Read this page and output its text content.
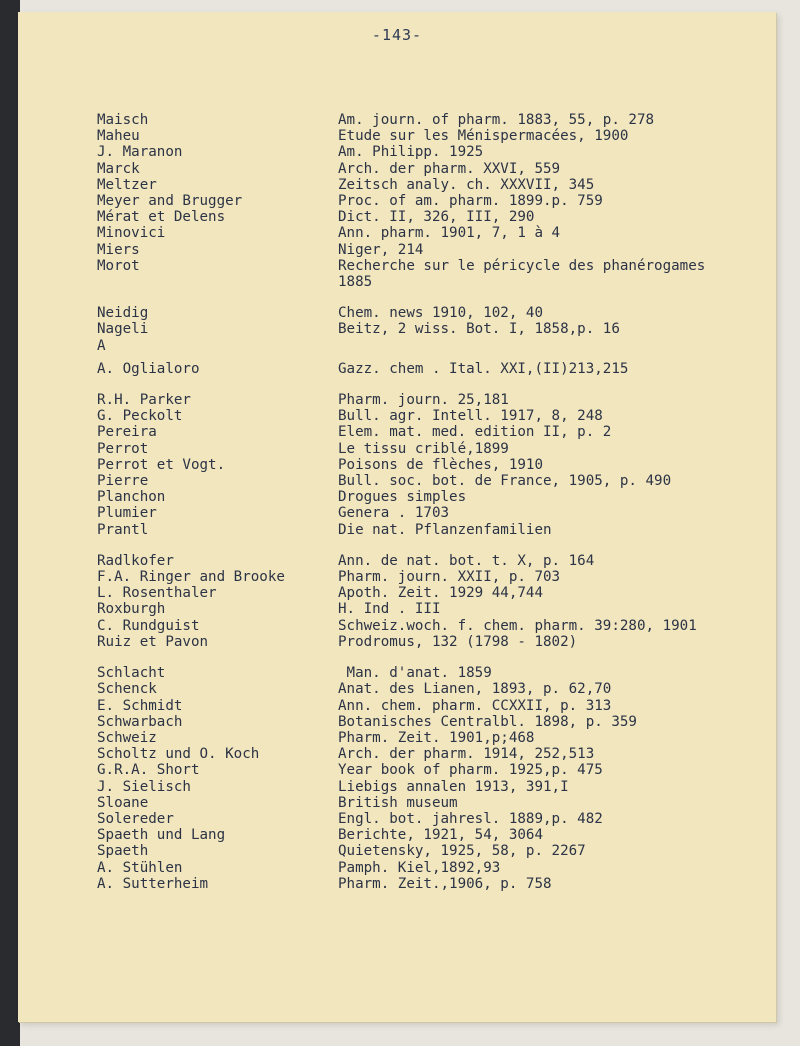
-143-
Maisch	Am. journ. of pharm. 1883, 55, p. 278
Maheu	Etude sur les Ménispermacées, 1900
J. Maranon	Am. Philipp. 1925
Marck	Arch. der pharm. XXVI, 559
Meltzer	Zeitsch analy. ch. XXXVII, 345
Meyer and Brugger	Proc. of am. pharm. 1899.p. 759
Mérat et Delens	Dict. II, 326, III, 290
Minovici	Ann. pharm. 1901, 7, 1 à 4
Miers	Niger, 214
Morot	Recherche sur le péricycle des phanérogames
1885
Neidig	Chem. news 1910, 102, 40
Nageli	Beitz, 2 wiss. Bot. I, 1858,p. 16
A
A. Oglialoro	Gazz. chem . Ital. XXI,(II)213,215
R.H. Parker	Pharm. journ. 25,181
G. Peckolt	Bull. agr. Intell. 1917, 8, 248
Pereira	Elem. mat. med. edition II, p. 2
Perrot	Le tissu criblé,1899
Perrot et Vogt.	Poisons de flèches, 1910
Pierre	Bull. soc. bot. de France, 1905, p. 490
Planchon	Drogues simples
Plumier	Genera . 1703
Prantl	Die nat. Pflanzenfamilien
Radlkofer	Ann. de nat. bot. t. X, p. 164
F.A. Ringer and Brooke	Pharm. journ. XXII, p. 703
L. Rosenthaler	Apoth. Zeit. 1929 44,744
Roxburgh	H. Ind . III
C. Rundguist	Schweiz.woch. f. chem. pharm. 39:280, 1901
Ruiz et Pavon	Prodromus, 132 (1798 - 1802)
Schlacht	Man. d'anat. 1859
Schenck	Anat. des Lianen, 1893, p. 62,70
E. Schmidt	Ann. chem. pharm. CCXXII, p. 313
Schwarbach	Botanisches Centralbl. 1898, p. 359
Schweiz	Pharm. Zeit. 1901,p;468
Scholtz und O. Koch	Arch. der pharm. 1914, 252,513
G.R.A. Short	Year book of pharm. 1925,p. 475
J. Sielisch	Liebigs annalen 1913, 391,I
Sloane	British museum
Solereder	Engl. bot. jahresl. 1889,p. 482
Spaeth und Lang	Berichte, 1921, 54, 3064
Spaeth	Quietensky, 1925, 58, p. 2267
A. Stühlen	Pamph. Kiel,1892,93
A. Sutterheim	Pharm. Zeit.,1906, p. 758
